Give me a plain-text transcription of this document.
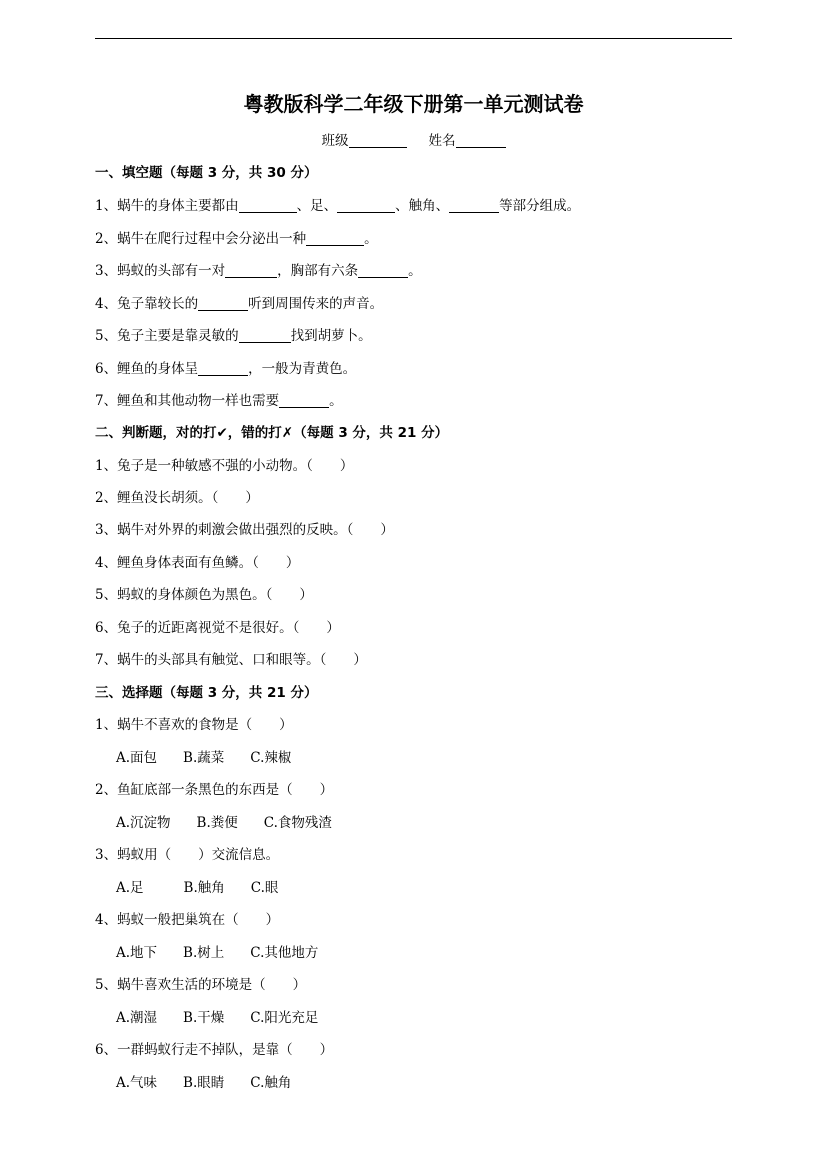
粤教版科学二年级下册第一单元测试卷
班级	姓名
一、填空题（每题 3 分，共 30 分）
1、蜗牛的身体主要都由	、足、	、触角、	等部分组成。
2、蜗牛在爬行过程中会分泌出一种	。
3、蚂蚁的头部有一对	，胸部有六条	。
4、兔子靠较长的	听到周围传来的声音。
5、兔子主要是靠灵敏的	找到胡萝卜。
6、鲤鱼的身体呈	，一般为青黄色。
7、鲤鱼和其他动物一样也需要	。
二、判断题，对的打✔，错的打✗（每题 3 分，共 21 分）
1、兔子是一种敏感不强的小动物。（　　）
2、鲤鱼没长胡须。（　　）
3、蜗牛对外界的刺激会做出强烈的反映。（　　）
4、鲤鱼身体表面有鱼鳞。（　　）
5、蚂蚁的身体颜色为黑色。（　　）
6、兔子的近距离视觉不是很好。（　　）
7、蜗牛的头部具有触觉、口和眼等。（　　）
三、选择题（每题 3 分，共 21 分）
1、蜗牛不喜欢的食物是（　　）
A.面包 B.蔬菜 C.辣椒
2、鱼缸底部一条黑色的东西是（　　）
A.沉淀物 B.粪便 C.食物残渣
3、蚂蚁用（　　）交流信息。
A.足	B.触角 C.眼
4、蚂蚁一般把巢筑在（　　）
A.地下 B.树上 C.其他地方
5、蜗牛喜欢生活的环境是（　　）
A.潮湿 B.干燥 C.阳光充足
6、一群蚂蚁行走不掉队，是靠（　　）
A.气味 B.眼睛 C.触角
